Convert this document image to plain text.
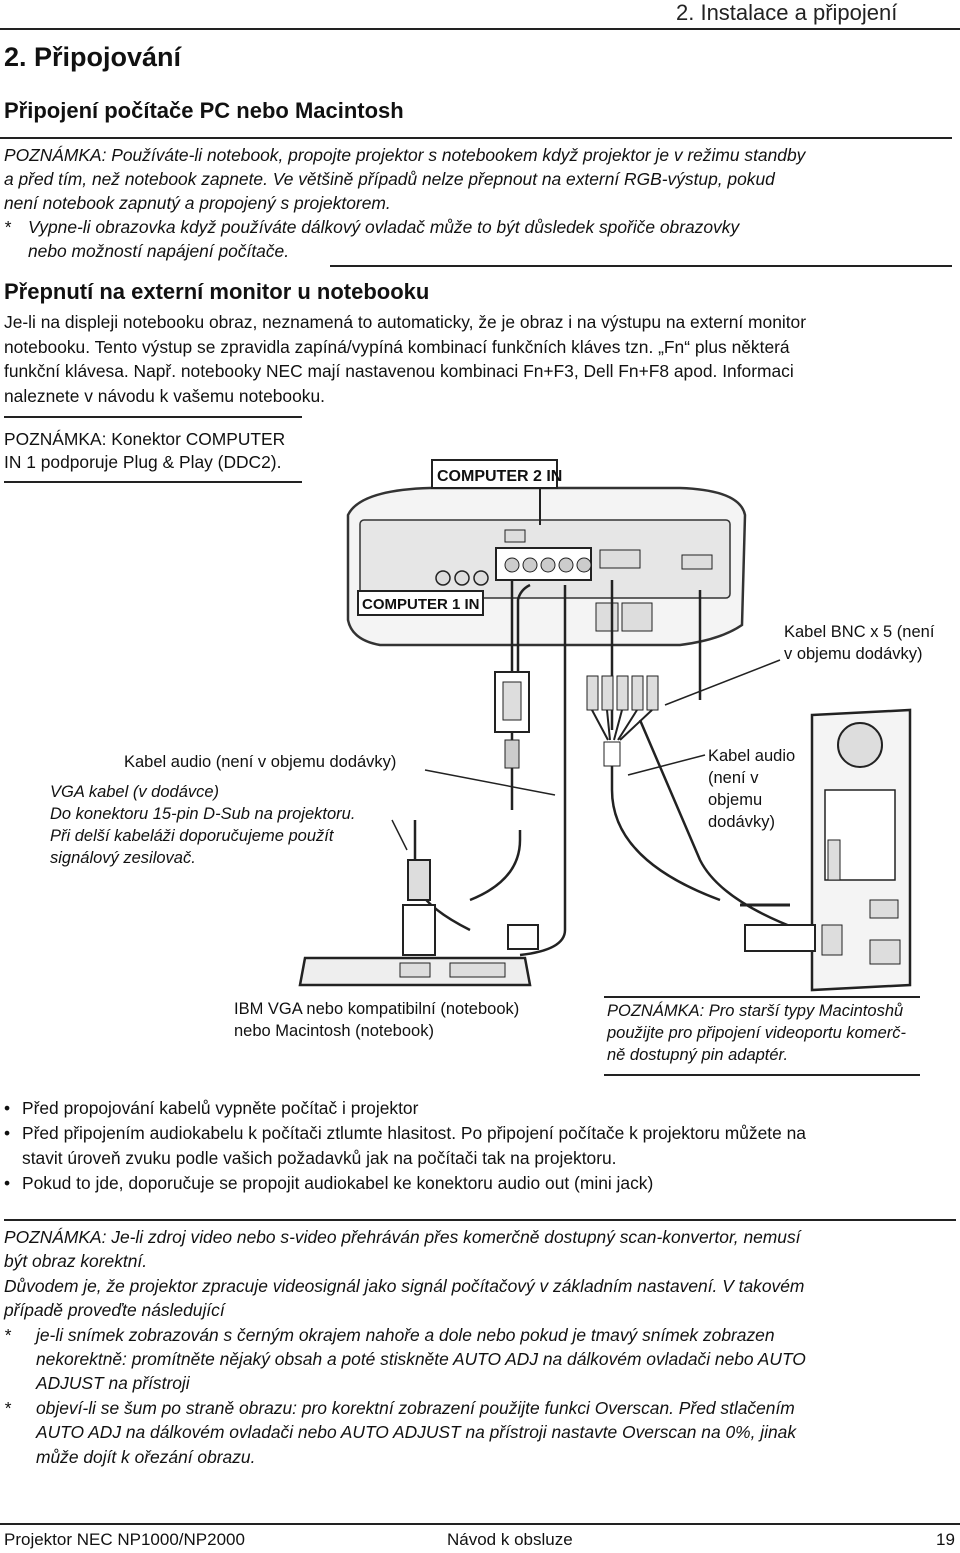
2. Instalace a připojení
2. Připojování
Připojení počítače PC nebo Macintosh

POZNÁMKA: Používáte-li notebook, propojte projektor s notebookem když projektor je v režimu standby

a před tím, než notebook zapnete. Ve většině případů nelze přepnout na externí RGB-výstup, pokud

není notebook zapnutý a propojený s projektorem.

* Vypne-li obrazovka když používáte dálkový ovladač může to být důsledek spořiče obrazovky
nebo možností napájení počítače.
Přepnutí na externí monitor u notebooku

Je-li na displeji notebooku obraz, neznamená to automaticky, že je obraz i na výstupu na externí monitor

notebooku. Tento výstup se zpravidla zapíná/vypíná kombinací funkčních kláves tzn. „Fn“ plus některá

funkční klávesa. Např. notebooky NEC mají nastavenou kombinaci Fn+F3, Dell Fn+F8 apod. Informaci

naleznete v návodu k vašemu notebooku.

POZNÁMKA: Konektor COMPUTER
IN 1 podporuje Plug & Play (DDC2).
COMPUTER 2 IN
COMPUTER 1 IN
Kabel BNC x 5 (není
v objemu dodávky)
Kabel audio (není v objemu dodávky)
VGA kabel (v dodávce)
Do konektoru 15-pin D-Sub na projektoru.
Při delší kabeláži doporučujeme použít
signálový zesilovač.
Kabel audio
(není v
objemu
dodávky)
IBM VGA nebo kompatibilní (notebook)
nebo Macintosh (notebook)
POZNÁMKA: Pro starší typy Macintoshů
použijte pro připojení videoportu komerč-
ně dostupný pin adaptér.
• Před propojování kabelů vypněte počítač i projektor
• Před připojením audiokabelu k počítači ztlumte hlasitost. Po připojení počítače k projektoru můžete na
stavit úroveň zvuku podle vašich požadavků jak na počítači tak na projektoru.
• Pokud to jde, doporučuje se propojit audiokabel ke konektoru audio out (mini jack)

POZNÁMKA: Je-li zdroj video nebo s-video přehráván přes komerčně dostupný scan-konvertor, nemusí

být obraz korektní.

Důvodem je, že projektor zpracuje videosignál jako signál počítačový v základním nastavení. V takovém

případě proveďte následující

*	je-li snímek zobrazován s černým okrajem nahoře a dole nebo pokud je tmavý snímek zobrazen
nekorektně: promítněte nějaký obsah a poté stiskněte AUTO ADJ na dálkovém ovladači nebo AUTO
ADJUST na přístroji
*	objeví-li se šum po straně obrazu: pro korektní zobrazení použijte funkci Overscan. Před stlačením
AUTO ADJ na dálkovém ovladači nebo AUTO ADJUST na přístroji nastavte Overscan na 0%, jinak
může dojít k ořezání obrazu.
Projektor NEC NP1000/NP2000	Návod k obsluze	19
